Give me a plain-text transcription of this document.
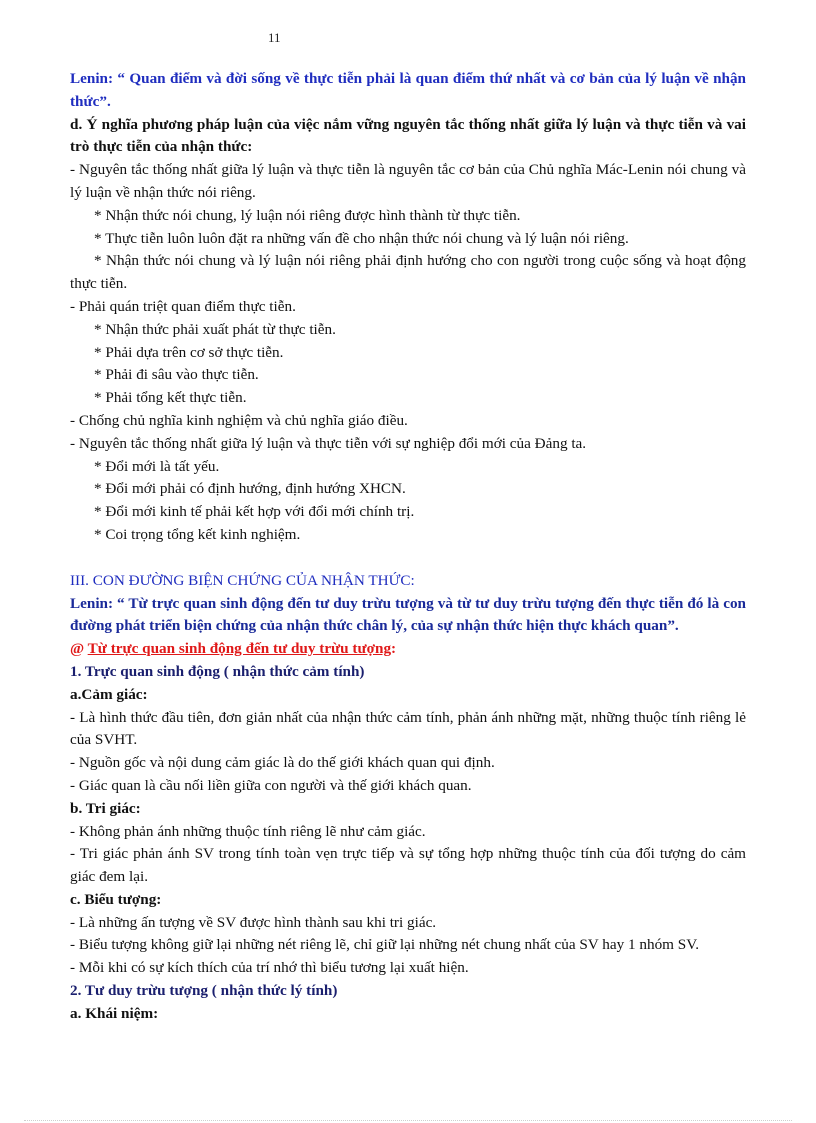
11

Lenin: “ Quan điểm và đời sống về thực tiễn phải là quan điểm thứ nhất và cơ bản của lý luận về nhận thức”.

d. Ý nghĩa phương pháp luận của việc nắm vững nguyên tắc thống nhất giữa lý luận và thực tiễn và vai trò thực tiễn của nhận thức:

- Nguyên tắc thống nhất giữa lý luận và thực tiễn là nguyên tắc cơ bản của Chủ nghĩa Mác-Lenin nói chung và lý luận về nhận thức nói riêng.

* Nhận thức nói chung, lý luận nói riêng được hình thành từ thực tiễn.

* Thực tiễn luôn luôn đặt ra những vấn đề cho nhận thức nói chung và lý luận nói riêng.

* Nhận thức nói chung và lý luận nói riêng phải định hướng cho con người trong cuộc sống và hoạt động thực tiễn.

- Phải quán triệt quan điểm thực tiễn.

* Nhận thức phải xuất phát từ thực tiễn.

* Phải dựa trên cơ sở thực tiễn.

* Phải đi sâu vào thực tiễn.

* Phải tổng kết thực tiễn.

- Chống chủ nghĩa kinh nghiệm và chủ nghĩa giáo điều.

- Nguyên tắc thống nhất giữa lý luận và thực tiễn với sự nghiệp đổi mới của Đảng ta.

* Đổi mới là tất yếu.

* Đổi mới phải có định hướng, định hướng XHCN.

* Đổi mới kinh tế phải kết hợp với đổi mới chính trị.

* Coi trọng tổng kết kinh nghiệm.

III. CON ĐƯỜNG BIỆN CHỨNG CỦA NHẬN THỨC:

Lenin: “ Từ trực quan sinh động đến tư duy trừu tượng và từ tư duy trừu tượng đến thực tiễn đó là con đường phát triển biện chứng của nhận thức chân lý, của sự nhận thức hiện thực khách quan”.

@ Từ trực quan sinh động đến tư duy trừu tượng:

1. Trực quan sinh động ( nhận thức cảm tính)

a.Cảm giác:

- Là hình thức đầu tiên, đơn giản nhất của nhận thức cảm tính, phản ánh những mặt, những thuộc tính riêng lẻ của SVHT.

- Nguồn gốc và nội dung cảm giác là do thế giới khách quan qui định.

- Giác quan là cầu nối liền giữa con người và thế giới khách quan.

b. Tri giác:

- Không phản ánh những thuộc tính riêng lẽ như cảm giác.

- Tri giác phản ánh SV trong tính toàn vẹn trực tiếp và sự tổng hợp những thuộc tính của đối tượng do cảm giác đem lại.

c. Biểu tượng:

- Là những ấn tượng về SV được hình thành sau khi tri giác.

- Biểu tượng không giữ lại những nét riêng lẽ, chỉ giữ lại những nét chung nhất của SV hay 1 nhóm SV.

- Mỗi khi có sự kích thích của trí nhớ thì biểu tương lại xuất hiện.

2. Tư duy trừu tượng ( nhận thức lý tính)

a. Khái niệm:
